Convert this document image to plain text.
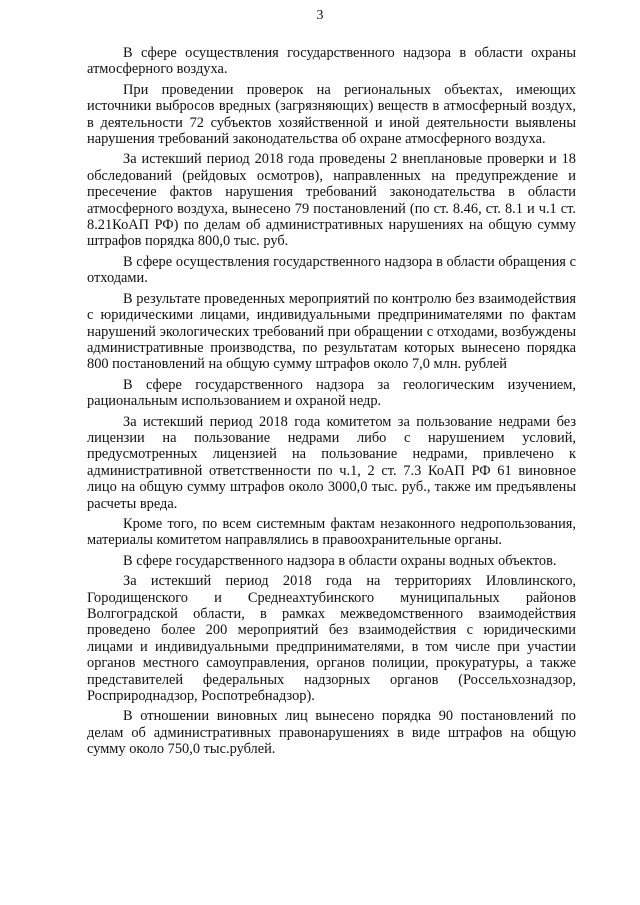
3

В сфере осуществления государственного надзора в области охраны атмосферного воздуха.

При проведении проверок на региональных объектах, имеющих источники выбросов вредных (загрязняющих) веществ в атмосферный воздух, в деятельности 72 субъектов хозяйственной и иной деятельности выявлены нарушения требований законодательства об охране атмосферного воздуха.

За истекший период 2018 года проведены 2 внеплановые проверки и 18 обследований (рейдовых осмотров), направленных на предупреждение и пресечение фактов нарушения требований законодательства в области атмосферного воздуха, вынесено 79 постановлений (по ст. 8.46, ст. 8.1 и ч.1 ст. 8.21КоАП РФ) по делам об административных нарушениях на общую сумму штрафов порядка 800,0 тыс. руб.

В сфере осуществления государственного надзора в области обращения с отходами.

В результате проведенных мероприятий по контролю без взаимодействия с юридическими лицами, индивидуальными предпринимателями по фактам нарушений экологических требований при обращении с отходами, возбуждены административные производства, по результатам которых вынесено порядка 800 постановлений на общую сумму штрафов около 7,0 млн. рублей

В сфере государственного надзора за геологическим изучением, рациональным использованием и охраной недр.

За истекший период 2018 года комитетом за пользование недрами без лицензии на пользование недрами либо с нарушением условий, предусмотренных лицензией на пользование недрами, привлечено к административной ответственности по ч.1, 2 ст. 7.3 КоАП РФ 61 виновное лицо на общую сумму штрафов около 3000,0 тыс. руб., также им предъявлены расчеты вреда.

Кроме того, по всем системным фактам незаконного недропользования, материалы комитетом направлялись в правоохранительные органы.

В сфере государственного надзора в области охраны водных объектов.

За истекший период 2018 года на территориях Иловлинского, Городищенского и Среднеахтубинского муниципальных районов Волгоградской области, в рамках межведомственного взаимодействия проведено более 200 мероприятий без взаимодействия с юридическими лицами и индивидуальными предпринимателями, в том числе при участии органов местного самоуправления, органов полиции, прокуратуры, а также представителей федеральных надзорных органов (Россельхознадзор, Росприроднадзор, Роспотребнадзор).

В отношении виновных лиц вынесено порядка 90 постановлений по делам об административных правонарушениях в виде штрафов на общую сумму около 750,0 тыс.рублей.
